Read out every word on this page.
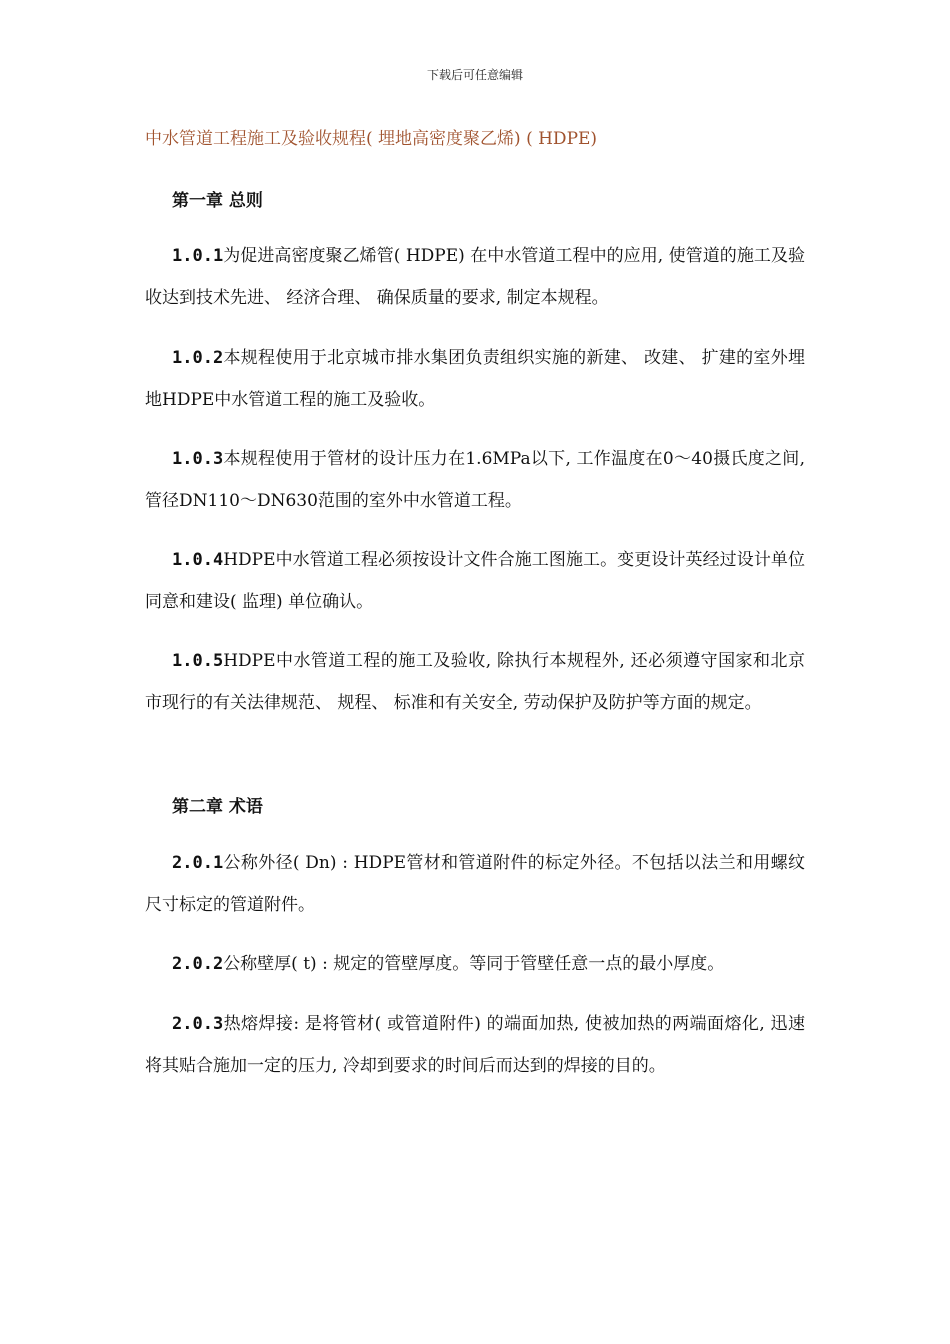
下载后可任意编辑
中水管道工程施工及验收规程( 埋地高密度聚乙烯) ( HDPE)
第一章 总则
1.0.1为促进高密度聚乙烯管( HDPE) 在中水管道工程中的应用, 使管道的施工及验收达到技术先进、 经济合理、 确保质量的要求, 制定本规程。
1.0.2本规程使用于北京城市排水集团负责组织实施的新建、 改建、 扩建的室外埋地HDPE中水管道工程的施工及验收。
1.0.3本规程使用于管材的设计压力在1.6MPa以下, 工作温度在0～40摄氏度之间, 管径DN110～DN630范围的室外中水管道工程。
1.0.4HDPE中水管道工程必须按设计文件合施工图施工。变更设计英经过设计单位同意和建设( 监理) 单位确认。
1.0.5HDPE中水管道工程的施工及验收, 除执行本规程外, 还必须遵守国家和北京市现行的有关法律规范、 规程、 标准和有关安全, 劳动保护及防护等方面的规定。
第二章 术语
2.0.1公称外径( Dn) : HDPE管材和管道附件的标定外径。不包括以法兰和用螺纹尺寸标定的管道附件。
2.0.2公称壁厚( t) : 规定的管壁厚度。等同于管壁任意一点的最小厚度。
2.0.3热熔焊接: 是将管材( 或管道附件) 的端面加热, 使被加热的两端面熔化, 迅速将其贴合施加一定的压力, 冷却到要求的时间后而达到的焊接的目的。
